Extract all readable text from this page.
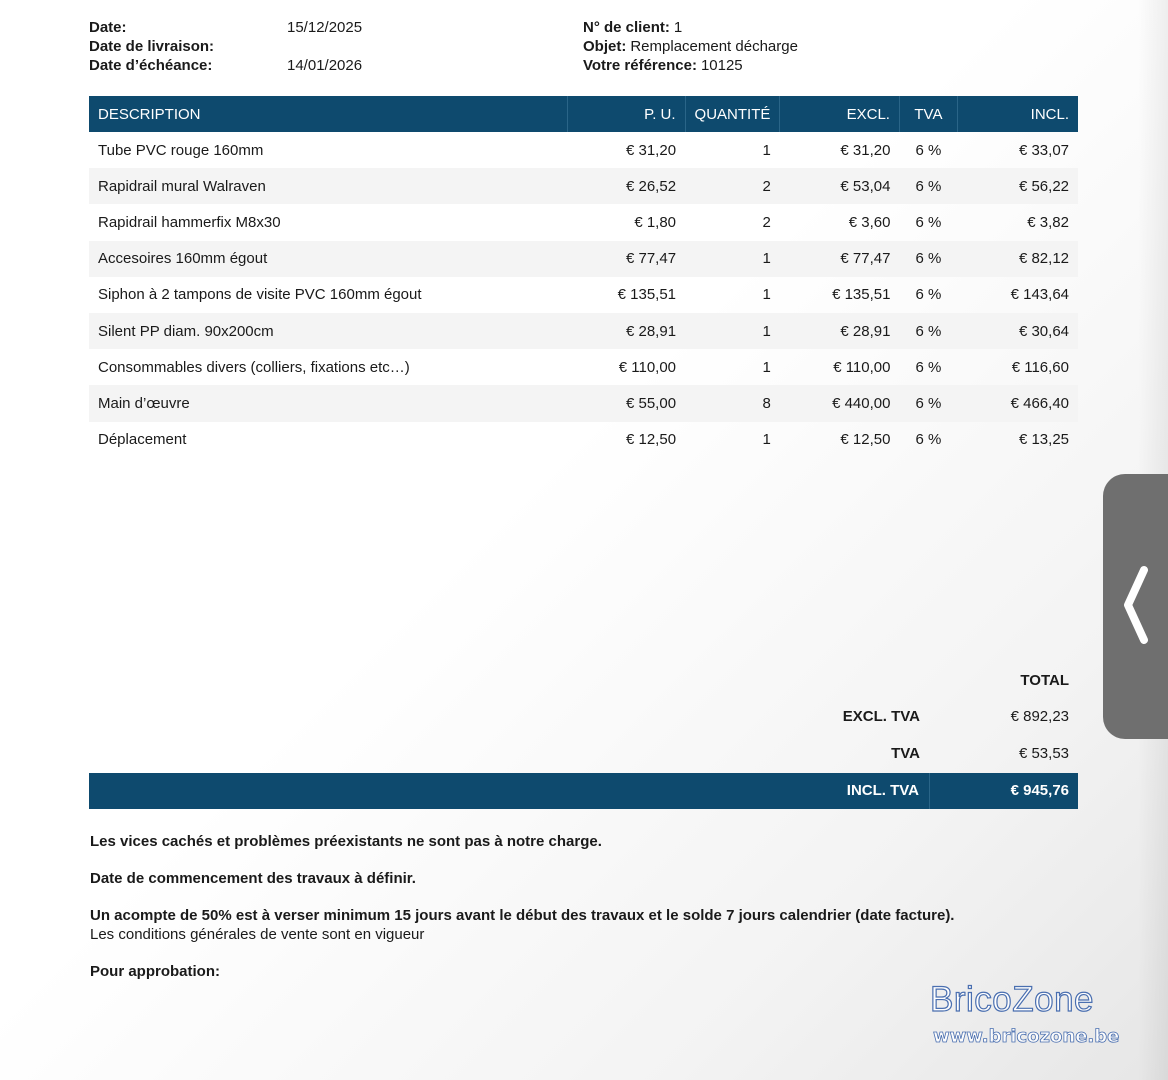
Date:	15/12/2025
Date de livraison:
Date d’échéance:	14/01/2026
N° de client: 1
Objet: Remplacement décharge
Votre référence: 10125
DESCRIPTION	P. U.	QUANTITÉ	EXCL.	TVA	INCL.
Tube PVC rouge 160mm	€ 31,20	1	€ 31,20	6 %	€ 33,07
Rapidrail mural Walraven	€ 26,52	2	€ 53,04	6 %	€ 56,22
Rapidrail hammerfix M8x30	€ 1,80	2	€ 3,60	6 %	€ 3,82
Accesoires 160mm égout	€ 77,47	1	€ 77,47	6 %	€ 82,12
Siphon à 2 tampons de visite PVC 160mm égout	€ 135,51	1	€ 135,51	6 %	€ 143,64
Silent PP diam. 90x200cm	€ 28,91	1	€ 28,91	6 %	€ 30,64
Consommables divers (colliers, fixations etc…)	€ 110,00	1	€ 110,00	6 %	€ 116,60
Main d’œuvre	€ 55,00	8	€ 440,00	6 %	€ 466,40
Déplacement	€ 12,50	1	€ 12,50	6 %	€ 13,25
TOTAL
EXCL. TVA	€ 892,23
TVA	€ 53,53
INCL. TVA	€ 945,76

Les vices cachés et problèmes préexistants ne sont pas à notre charge.

Date de commencement des travaux à définir.

Un acompte de 50% est à verser minimum 15 jours avant le début des travaux et le solde 7 jours calendrier (date facture).

Les conditions générales de vente sont en vigueur

Pour approbation:

BricoZone
www.bricozone.be
